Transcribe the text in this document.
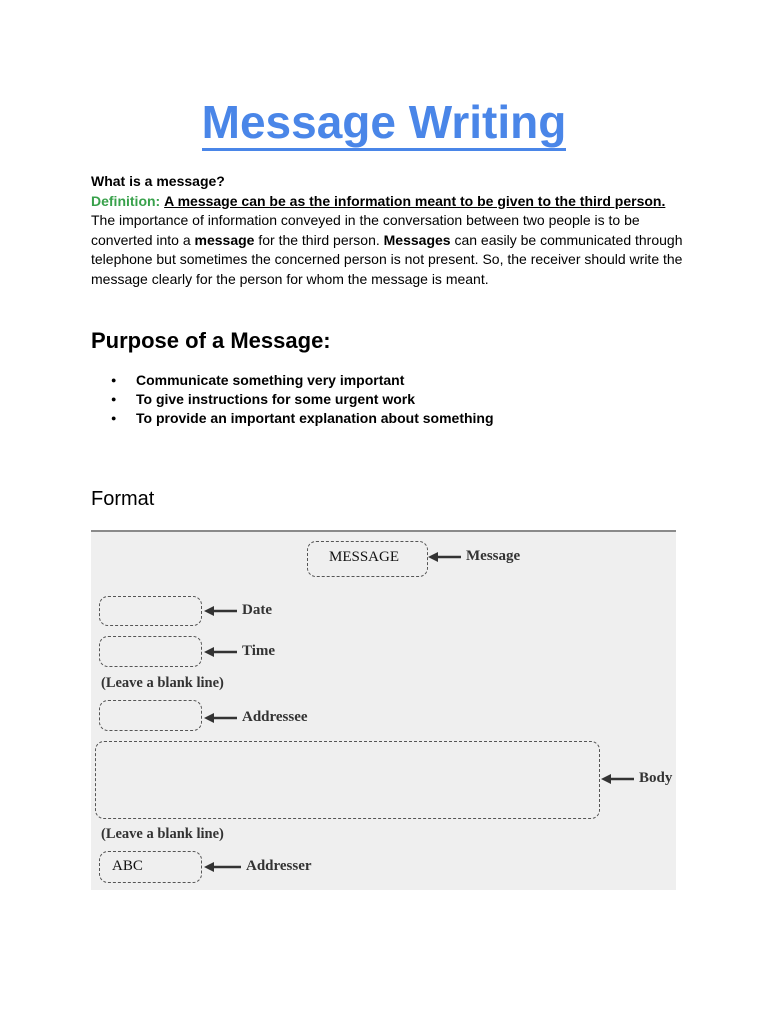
Message Writing
What is a message?
Definition: A message can be as the information meant to be given to the third person.
The importance of information conveyed in the conversation between two people is to be converted into a message for the third person. Messages can easily be communicated through telephone but sometimes the concerned person is not present. So, the receiver should write the message clearly for the person for whom the message is meant.
Purpose of a Message:
● Communicate something very important
● To give instructions for some urgent work
● To provide an important explanation about something
Format
MESSAGE	Message
Date
Time
(Leave a blank line)
Addressee
Body
(Leave a blank line)
ABC	Addresser
